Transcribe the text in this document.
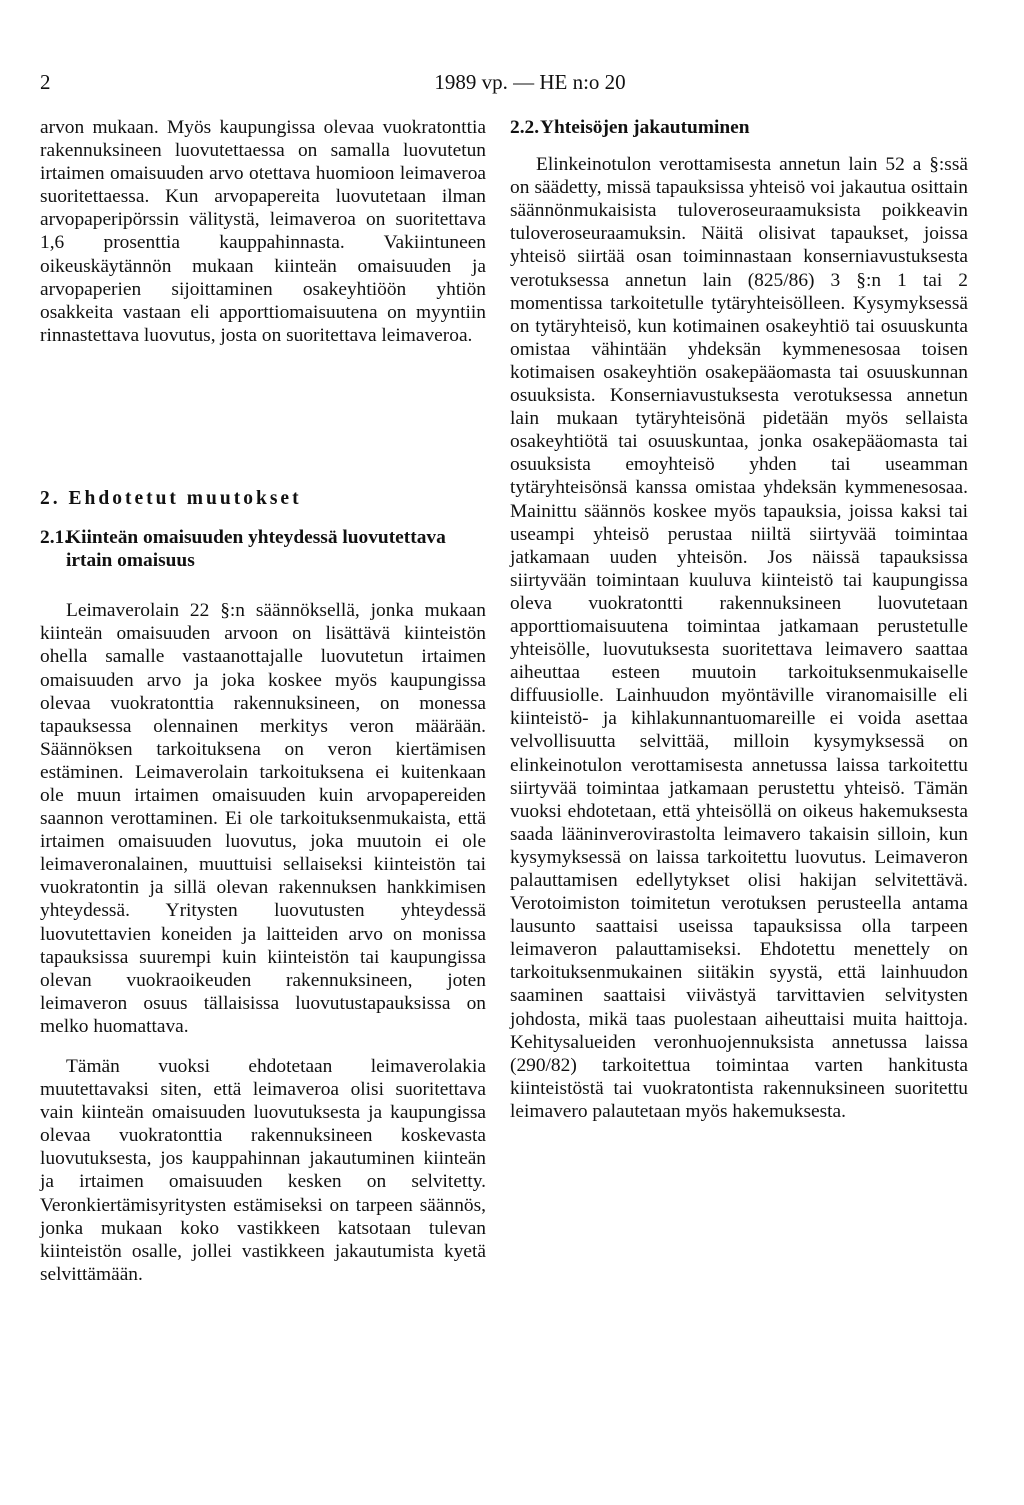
2	1989 vp. — HE n:o 20

arvon mukaan. Myös kaupungissa olevaa vuokratonttia rakennuksineen luovutettaessa on samalla luovutetun irtaimen omaisuuden arvo otettava huomioon leimaveroa suoritettaessa. Kun arvopapereita luovutetaan ilman arvopaperipörssin välitystä, leimaveroa on suoritettava 1,6 prosenttia kauppahinnasta. Vakiintuneen oikeuskäytännön mukaan kiinteän omaisuuden ja arvopaperien sijoittaminen osakeyhtiöön yhtiön osakkeita vastaan eli apporttiomaisuutena on myyntiin rinnastettava luovutus, josta on suoritettava leimaveroa.

2. Ehdotetut muutokset
2.1.
Kiinteän omaisuuden yhteydessä luovutettava irtain omaisuus

Leimaverolain 22 §:n säännöksellä, jonka mukaan kiinteän omaisuuden arvoon on lisättävä kiinteistön ohella samalle vastaanottajalle luovutetun irtaimen omaisuuden arvo ja joka koskee myös kaupungissa olevaa vuokratonttia rakennuksineen, on monessa tapauksessa olennainen merkitys veron määrään. Säännöksen tarkoituksena on veron kiertämisen estäminen. Leimaverolain tarkoituksena ei kuitenkaan ole muun irtaimen omaisuuden kuin arvopapereiden saannon verottaminen. Ei ole tarkoituksenmukaista, että irtaimen omaisuuden luovutus, joka muutoin ei ole leimaveronalainen, muuttuisi sellaiseksi kiinteistön tai vuokratontin ja sillä olevan rakennuksen hankkimisen yhteydessä. Yritysten luovutusten yhteydessä luovutettavien koneiden ja laitteiden arvo on monissa tapauksissa suurempi kuin kiinteistön tai kaupungissa olevan vuokraoikeuden rakennuksineen, joten leimaveron osuus tällaisissa luovutustapauksissa on melko huomattava.

Tämän vuoksi ehdotetaan leimaverolakia muutettavaksi siten, että leimaveroa olisi suoritettava vain kiinteän omaisuuden luovutuksesta ja kaupungissa olevaa vuokratonttia rakennuksineen koskevasta luovutuksesta, jos kauppahinnan jakautuminen kiinteän ja irtaimen omaisuuden kesken on selvitetty. Veronkiertämisyritysten estämiseksi on tarpeen säännös, jonka mukaan koko vastikkeen katsotaan tulevan kiinteistön osalle, jollei vastikkeen jakautumista kyetä selvittämään.

2.2. Yhteisöjen jakautuminen

Elinkeinotulon verottamisesta annetun lain 52 a §:ssä on säädetty, missä tapauksissa yhteisö voi jakautua osittain säännönmukaisista tuloveroseuraamuksista poikkeavin tuloveroseuraamuksin. Näitä olisivat tapaukset, joissa yhteisö siirtää osan toiminnastaan konserniavustuksesta verotuksessa annetun lain (825/86) 3 §:n 1 tai 2 momentissa tarkoitetulle tytäryhteisölleen. Kysymyksessä on tytäryhteisö, kun kotimainen osakeyhtiö tai osuuskunta omistaa vähintään yhdeksän kymmenesosaa toisen kotimaisen osakeyhtiön osakepääomasta tai osuuskunnan osuuksista. Konserniavustuksesta verotuksessa annetun lain mukaan tytäryhteisönä pidetään myös sellaista osakeyhtiötä tai osuuskuntaa, jonka osakepääomasta tai osuuksista emoyhteisö yhden tai useamman tytäryhteisönsä kanssa omistaa yhdeksän kymmenesosaa. Mainittu säännös koskee myös tapauksia, joissa kaksi tai useampi yhteisö perustaa niiltä siirtyvää toimintaa jatkamaan uuden yhteisön. Jos näissä tapauksissa siirtyvään toimintaan kuuluva kiinteistö tai kaupungissa oleva vuokratontti rakennuksineen luovutetaan apporttiomaisuutena toimintaa jatkamaan perustetulle yhteisölle, luovutuksesta suoritettava leimavero saattaa aiheuttaa esteen muutoin tarkoituksenmukaiselle diffuusiolle. Lainhuudon myöntäville viranomaisille eli kiinteistö- ja kihlakunnantuomareille ei voida asettaa velvollisuutta selvittää, milloin kysymyksessä on elinkeinotulon verottamisesta annetussa laissa tarkoitettu siirtyvää toimintaa jatkamaan perustettu yhteisö. Tämän vuoksi ehdotetaan, että yhteisöllä on oikeus hakemuksesta saada lääninverovirastolta leimavero takaisin silloin, kun kysymyksessä on laissa tarkoitettu luovutus. Leimaveron palauttamisen edellytykset olisi hakijan selvitettävä. Verotoimiston toimitetun verotuksen perusteella antama lausunto saattaisi useissa tapauksissa olla tarpeen leimaveron palauttamiseksi. Ehdotettu menettely on tarkoituksenmukainen siitäkin syystä, että lainhuudon saaminen saattaisi viivästyä tarvittavien selvitysten johdosta, mikä taas puolestaan aiheuttaisi muita haittoja. Kehitysalueiden veronhuojennuksista annetussa laissa (290/82) tarkoitettua toimintaa varten hankitusta kiinteistöstä tai vuokratontista rakennuksineen suoritettu leimavero palautetaan myös hakemuksesta.
